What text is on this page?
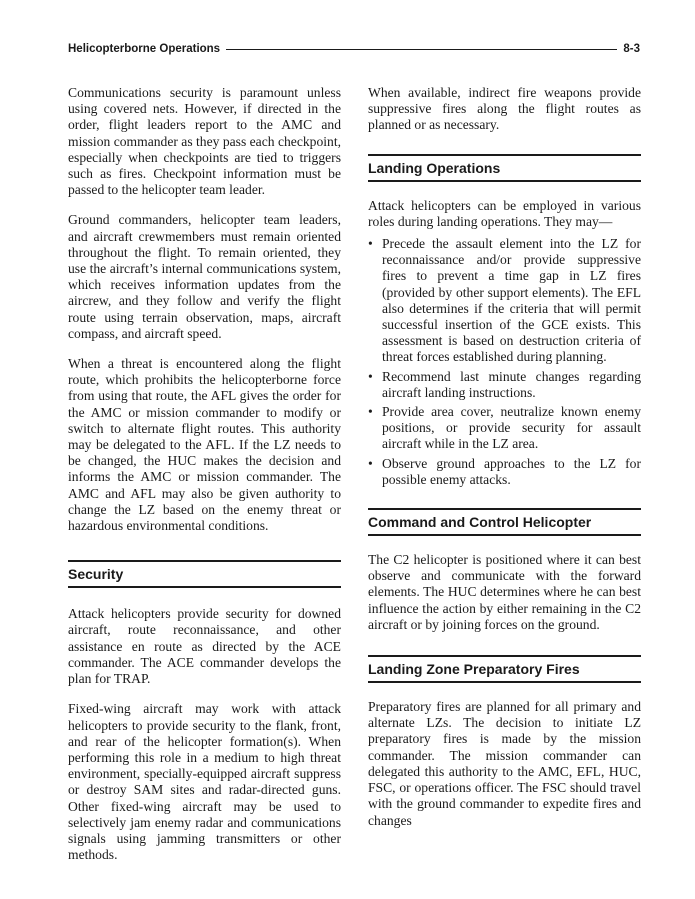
Helicopterborne Operations	8-3

Communications security is paramount unless using covered nets. However, if directed in the order, flight leaders report to the AMC and mission commander as they pass each checkpoint, especially when checkpoints are tied to triggers such as fires. Checkpoint information must be passed to the helicopter team leader.

Ground commanders, helicopter team leaders, and aircraft crewmembers must remain oriented throughout the flight. To remain oriented, they use the aircraft’s internal communications system, which receives information updates from the aircrew, and they follow and verify the flight route using terrain observation, maps, aircraft compass, and aircraft speed.

When a threat is encountered along the flight route, which prohibits the helicopterborne force from using that route, the AFL gives the order for the AMC or mission commander to modify or switch to alternate flight routes. This authority may be delegated to the AFL. If the LZ needs to be changed, the HUC makes the decision and informs the AMC or mission commander. The AMC and AFL may also be given authority to change the LZ based on the enemy threat or hazardous environmental conditions.

Security

Attack helicopters provide security for downed aircraft, route reconnaissance, and other assistance en route as directed by the ACE commander. The ACE commander develops the plan for TRAP.

Fixed-wing aircraft may work with attack helicopters to provide security to the flank, front, and rear of the helicopter formation(s). When performing this role in a medium to high threat environment, specially-equipped aircraft suppress or destroy SAM sites and radar-directed guns. Other fixed-wing aircraft may be used to selectively jam enemy radar and communications signals using jamming transmitters or other methods.

When available, indirect fire weapons provide suppressive fires along the flight routes as planned or as necessary.

Landing Operations

Attack helicopters can be employed in various roles during landing operations. They may—

• Precede the assault element into the LZ for reconnaissance and/or provide suppressive fires to prevent a time gap in LZ fires (provided by other support elements). The EFL also determines if the criteria that will permit successful insertion of the GCE exists. This assessment is based on destruction criteria of threat forces established during planning.
• Recommend last minute changes regarding aircraft landing instructions.
• Provide area cover, neutralize known enemy positions, or provide security for assault aircraft while in the LZ area.
• Observe ground approaches to the LZ for possible enemy attacks.
Command and Control Helicopter

The C2 helicopter is positioned where it can best observe and communicate with the forward elements. The HUC determines where he can best influence the action by either remaining in the C2 aircraft or by joining forces on the ground.

Landing Zone Preparatory Fires

Preparatory fires are planned for all primary and alternate LZs. The decision to initiate LZ preparatory fires is made by the mission commander. The mission commander can delegated this authority to the AMC, EFL, HUC, FSC, or operations officer. The FSC should travel with the ground commander to expedite fires and changes
